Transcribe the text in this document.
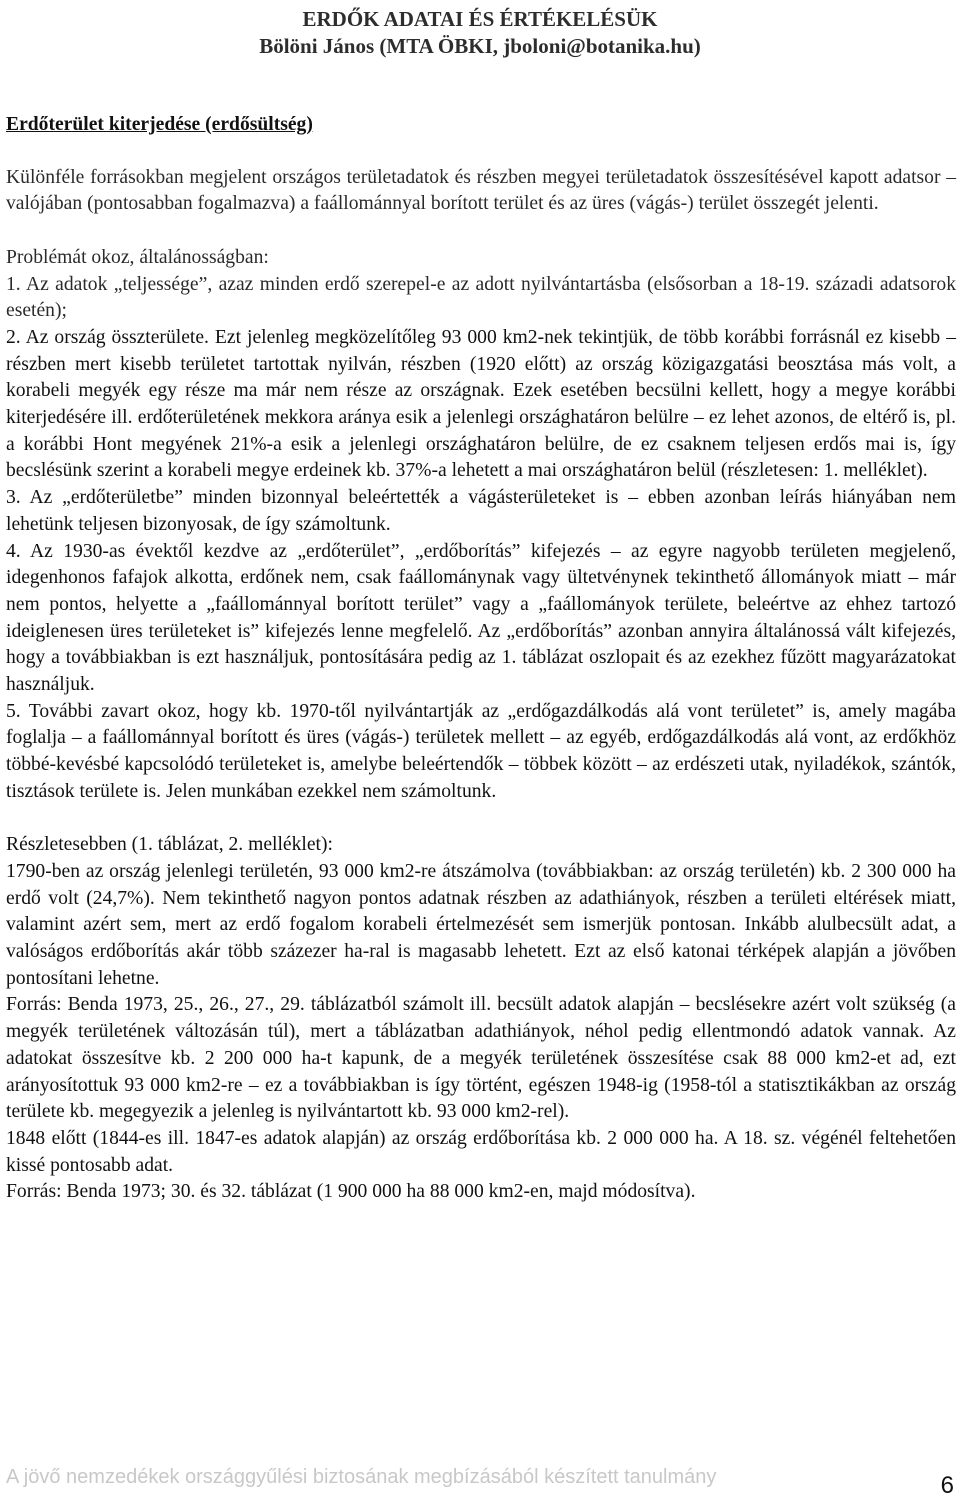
ERDŐK ADATAI ÉS ÉRTÉKELÉSÜK
Bölöni János (MTA ÖBKI, jboloni@botanika.hu)

Erdőterület kiterjedése (erdősültség)

Különféle forrásokban megjelent országos területadatok és részben megyei területadatok összesítésével kapott adatsor – valójában (pontosabban fogalmazva) a faállománnyal borított terület és az üres (vágás-) terület összegét jelenti.

Problémát okoz, általánosságban:

1. Az adatok „teljessége”, azaz minden erdő szerepel-e az adott nyilvántartásba (elsősorban a 18-19. századi adatsorok esetén);

2. Az ország összterülete. Ezt jelenleg megközelítőleg 93 000 km2-nek tekintjük, de több korábbi forrásnál ez kisebb – részben mert kisebb területet tartottak nyilván, részben (1920 előtt) az ország közigazgatási beosztása más volt, a korabeli megyék egy része ma már nem része az országnak. Ezek esetében becsülni kellett, hogy a megye korábbi kiterjedésére ill. erdőterületének mekkora aránya esik a jelenlegi országhatáron belülre – ez lehet azonos, de eltérő is, pl. a korábbi Hont megyének 21%-a esik a jelenlegi országhatáron belülre, de ez csaknem teljesen erdős mai is, így becslésünk szerint a korabeli megye erdeinek kb. 37%-a lehetett a mai országhatáron belül (részletesen: 1. melléklet).

3. Az „erdőterületbe” minden bizonnyal beleértették a vágásterületeket is – ebben azonban leírás hiányában nem lehetünk teljesen bizonyosak, de így számoltunk.

4. Az 1930-as évektől kezdve az „erdőterület”, „erdőborítás” kifejezés – az egyre nagyobb területen megjelenő, idegenhonos fafajok alkotta, erdőnek nem, csak faállománynak vagy ültetvénynek tekinthető állományok miatt – már nem pontos, helyette a „faállománnyal borított terület” vagy a „faállományok területe, beleértve az ehhez tartozó ideiglenesen üres területeket is” kifejezés lenne megfelelő. Az „erdőborítás” azonban annyira általánossá vált kifejezés, hogy a továbbiakban is ezt használjuk, pontosítására pedig az 1. táblázat oszlopait és az ezekhez fűzött magyarázatokat használjuk.

5. További zavart okoz, hogy kb. 1970-től nyilvántartják az „erdőgazdálkodás alá vont területet” is, amely magába foglalja – a faállománnyal borított és üres (vágás-) területek mellett – az egyéb, erdőgazdálkodás alá vont, az erdőkhöz többé-kevésbé kapcsolódó területeket is, amelybe beleértendők – többek között – az erdészeti utak, nyiladékok, szántók, tisztások területe is. Jelen munkában ezekkel nem számoltunk.

Részletesebben (1. táblázat, 2. melléklet):

1790-ben az ország jelenlegi területén, 93 000 km2-re átszámolva (továbbiakban: az ország területén) kb. 2 300 000 ha erdő volt (24,7%). Nem tekinthető nagyon pontos adatnak részben az adathiányok, részben a területi eltérések miatt, valamint azért sem, mert az erdő fogalom korabeli értelmezését sem ismerjük pontosan. Inkább alulbecsült adat, a valóságos erdőborítás akár több százezer ha-ral is magasabb lehetett. Ezt az első katonai térképek alapján a jövőben pontosítani lehetne.

Forrás: Benda 1973, 25., 26., 27., 29. táblázatból számolt ill. becsült adatok alapján – becslésekre azért volt szükség (a megyék területének változásán túl), mert a táblázatban adathiányok, néhol pedig ellentmondó adatok vannak. Az adatokat összesítve kb. 2 200 000 ha-t kapunk, de a megyék területének összesítése csak 88 000 km2-et ad, ezt arányosítottuk 93 000 km2-re – ez a továbbiakban is így történt, egészen 1948-ig (1958-tól a statisztikákban az ország területe kb. megegyezik a jelenleg is nyilvántartott kb. 93 000 km2-rel).

1848 előtt (1844-es ill. 1847-es adatok alapján) az ország erdőborítása kb. 2 000 000 ha. A 18. sz. végénél feltehetően kissé pontosabb adat.

Forrás: Benda 1973; 30. és 32. táblázat (1 900 000 ha 88 000 km2-en, majd módosítva).

A jövő nemzedékek országgyűlési biztosának megbízásából készített tanulmány	6
